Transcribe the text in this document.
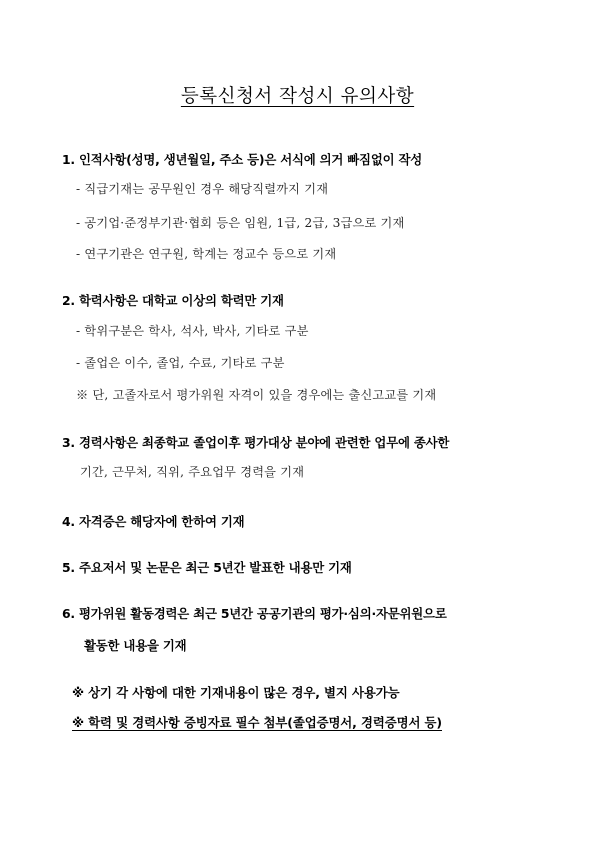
등록신청서 작성시 유의사항
1. 인적사항(성명, 생년월일, 주소 등)은 서식에 의거 빠짐없이 작성
- 직급기재는 공무원인 경우 해당직렬까지 기재
- 공기업·준정부기관·협회 등은 임원, 1급, 2급, 3급으로 기재
- 연구기관은 연구원, 학계는 정교수 등으로 기재
2. 학력사항은 대학교 이상의 학력만 기재
- 학위구분은 학사, 석사, 박사, 기타로 구분
- 졸업은 이수, 졸업, 수료, 기타로 구분
※ 단, 고졸자로서 평가위원 자격이 있을 경우에는 출신고교를 기재
3. 경력사항은 최종학교 졸업이후 평가대상 분야에 관련한 업무에 종사한
기간, 근무처, 직위, 주요업무 경력을 기재
4. 자격증은 해당자에 한하여 기재
5. 주요저서 및 논문은 최근 5년간 발표한 내용만 기재
6. 평가위원 활동경력은 최근 5년간 공공기관의 평가·심의·자문위원으로
활동한 내용을 기재
※ 상기 각 사항에 대한 기재내용이 많은 경우, 별지 사용가능
※ 학력 및 경력사항 증빙자료 필수 첨부(졸업증명서, 경력증명서 등)
